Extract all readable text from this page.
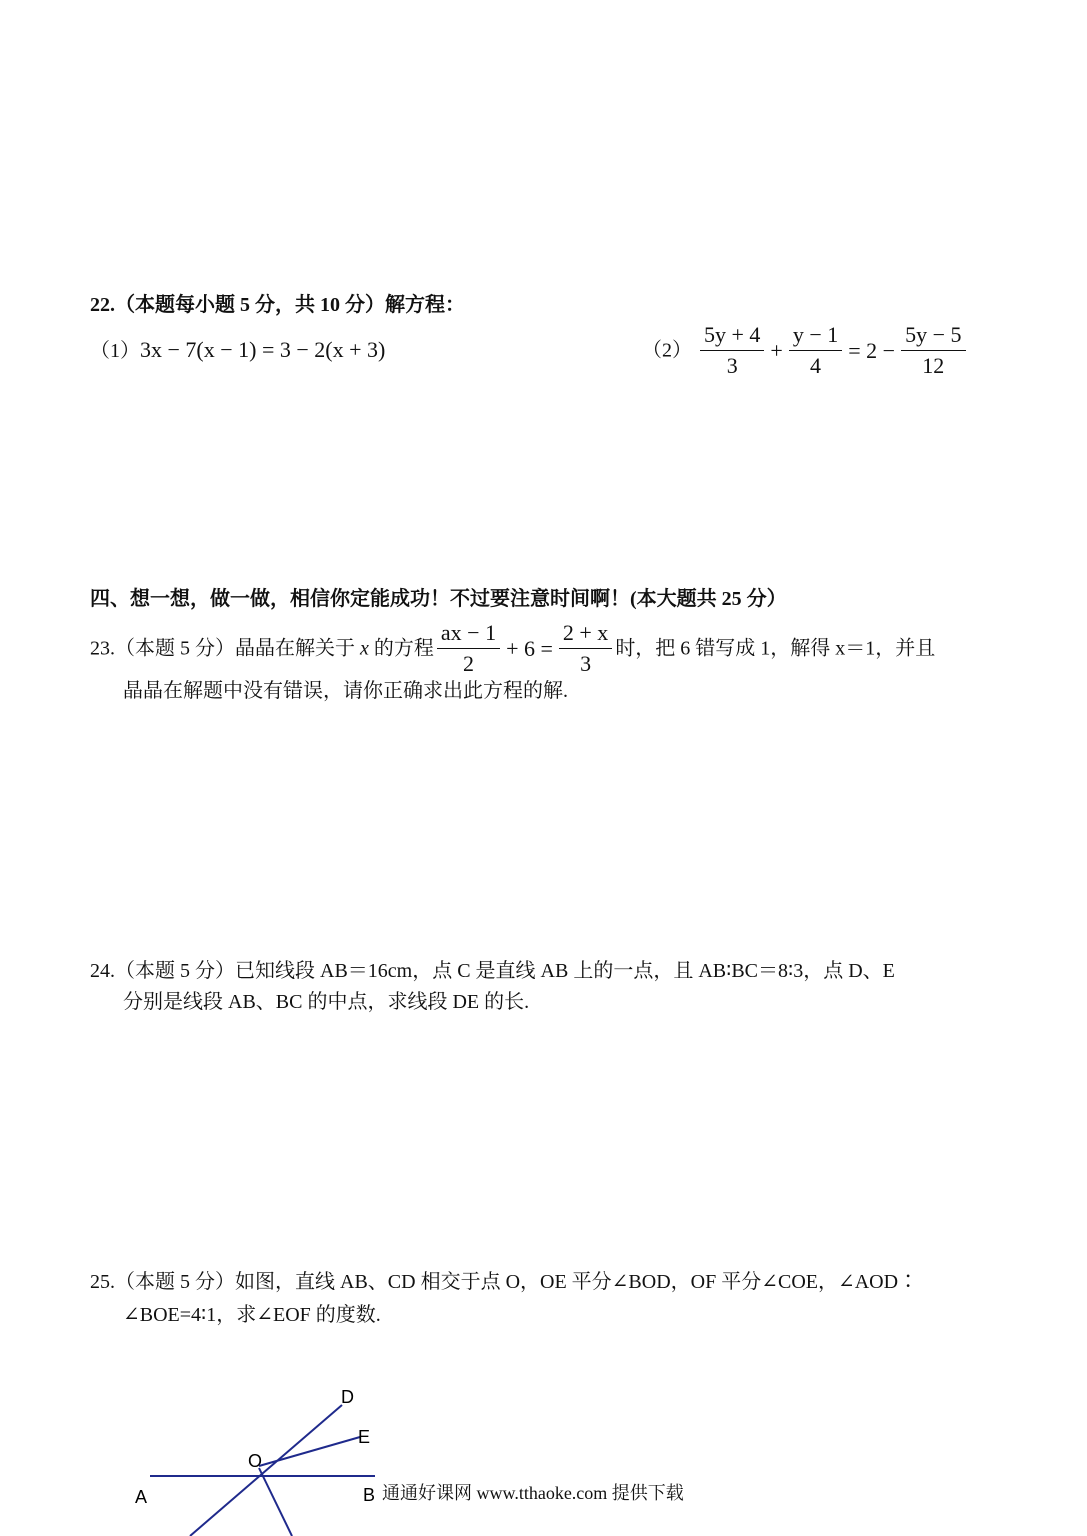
22.（本题每小题 5 分，共 10 分）解方程：
（1）3x − 7(x − 1) = 3 − 2(x + 3)	$(2) \frac{5y + 4}{3} + \frac{y - 1}{4} = 2 - \frac{5y - 5}{12}$
四、想一想，做一做，相信你定能成功！不过要注意时间啊！(本大题共 25 分）
23.（本题 5 分）晶晶在解关于 x 的方程 $\frac{ax - 1}{2} + 6 = \frac{2 + x}{3}$ 时，把 6 错写成 1，解得 x＝1，并且
晶晶在解题中没有错误，请你正确求出此方程的解.
24.（本题 5 分）已知线段 AB＝16cm，点 C 是直线 AB 上的一点，且 AB∶BC＝8∶3，点 D、E
分别是线段 AB、BC 的中点，求线段 DE 的长.
25.（本题 5 分）如图，直线 AB、CD 相交于点 O，OE 平分∠BOD，OF 平分∠COE，∠AOD∶
∠BOE=4∶1，求∠EOF 的度数.
A	B
D
E
O
通通好课网 www.tthaoke.com 提供下载
